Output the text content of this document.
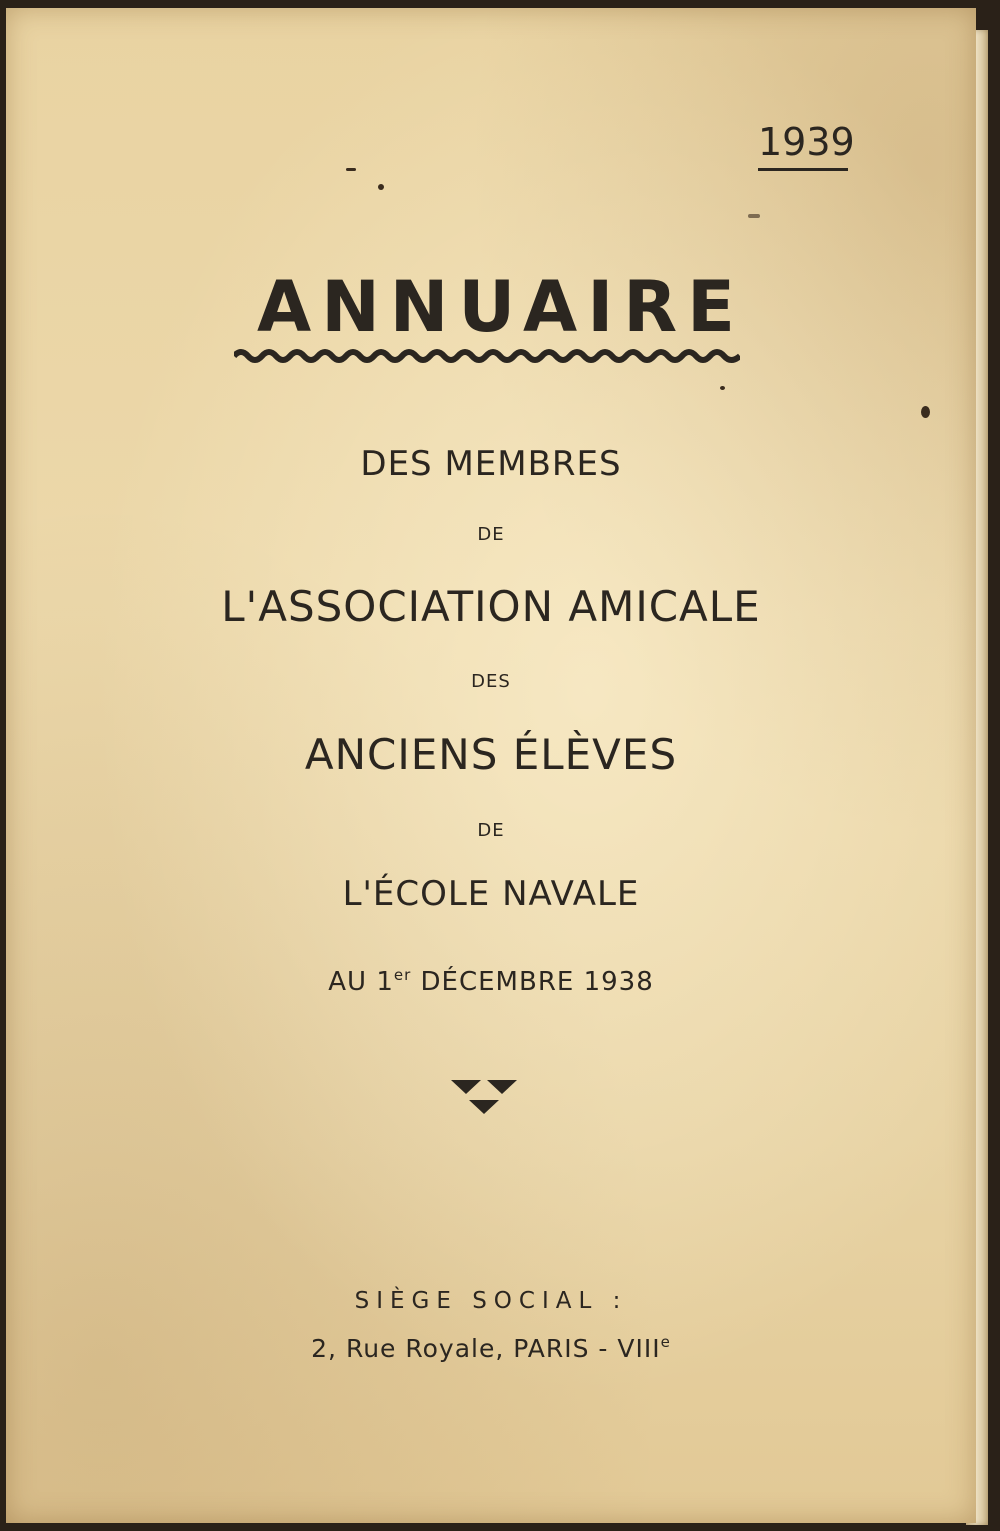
1939
ANNUAIRE
DES MEMBRES
DE
L'ASSOCIATION AMICALE
DES
ANCIENS ÉLÈVES
DE
L'ÉCOLE NAVALE
AU 1er DÉCEMBRE 1938
SIÈGE SOCIAL :
2, Rue Royale, PARIS - VIIIe
